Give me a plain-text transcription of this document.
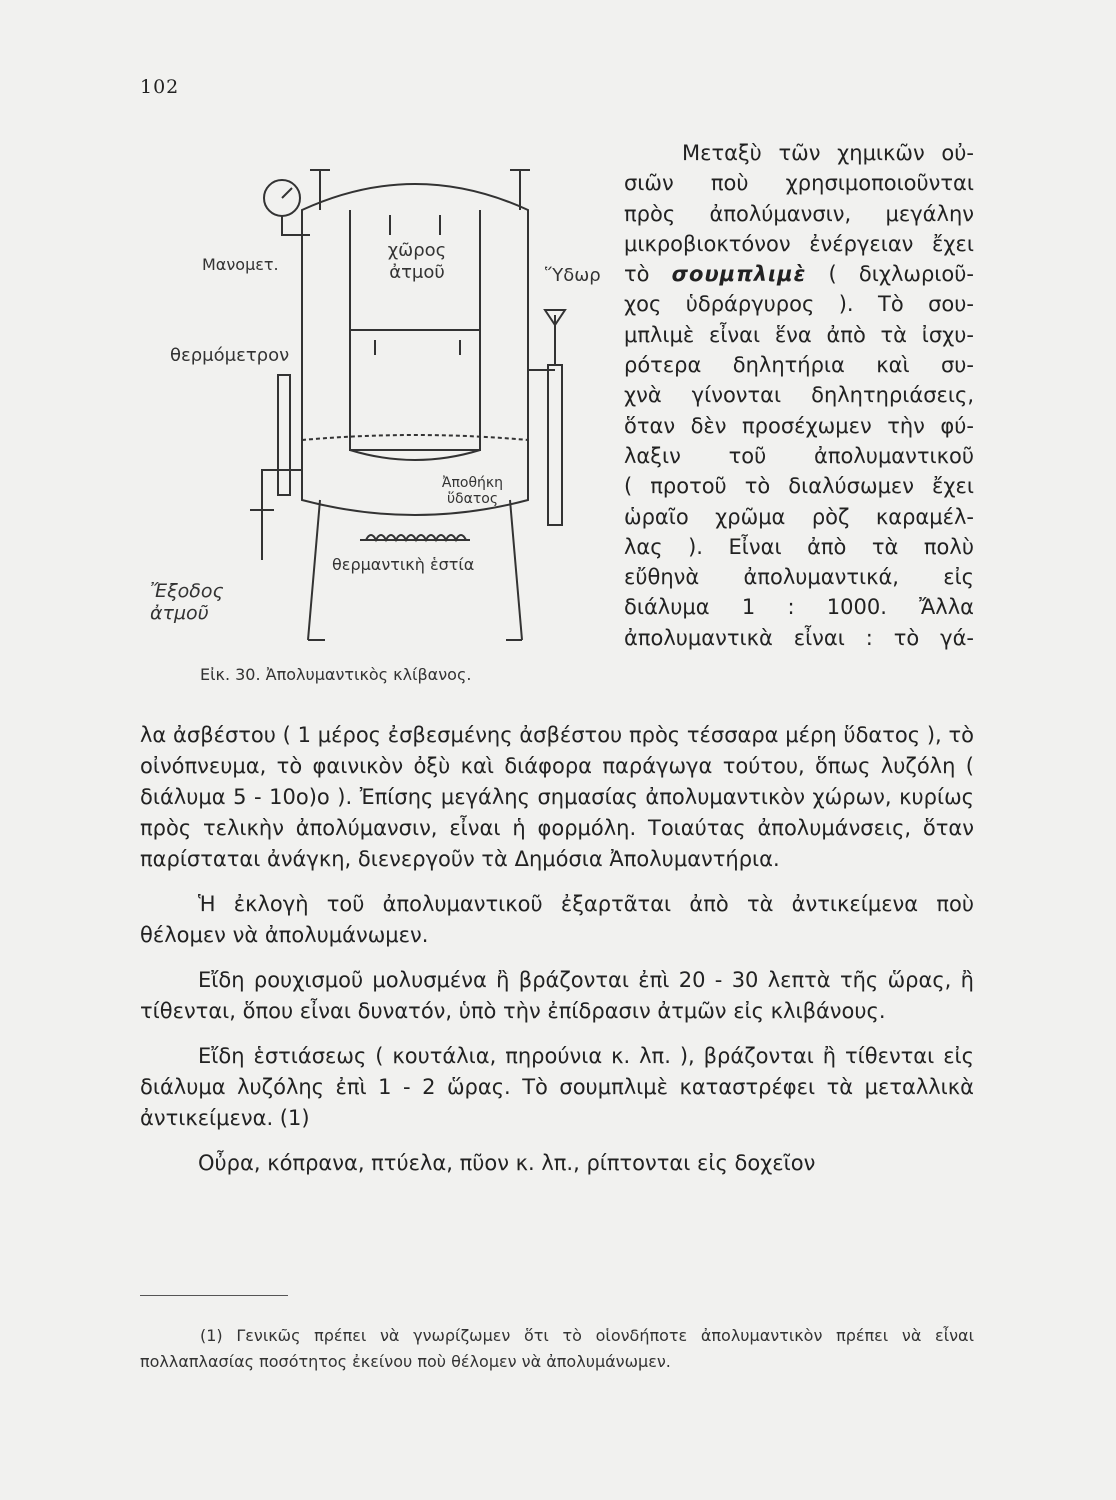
102
Μανομετ.
θερμόμετρον
χῶρος ἀτμοῦ	Ὕδωρ
Ἀποθήκη ὕδατος
θερμαντικὴ ἑστία
Ἔξοδος ἀτμοῦ
Εἰκ. 30. Ἀπολυμαντικὸς κλίβανος.
Μεταξὺ τῶν χημικῶν οὐ-
σιῶν ποὺ χρησιμοποιοῦνται
πρὸς ἀπολύμανσιν, μεγάλην
μικροβιοκτόνον ἐνέργειαν ἔχει
τὸ σουμπλιμὲ ( διχλωριοῦ-
χος ὑδράργυρος ). Τὸ σου-
μπλιμὲ εἶναι ἕνα ἀπὸ τὰ ἰσχυ-
ρότερα δηλητήρια καὶ συ-
χνὰ γίνονται δηλητηριάσεις,
ὅταν δὲν προσέχωμεν τὴν φύ-
λαξιν τοῦ ἀπολυμαντικοῦ
( προτοῦ τὸ διαλύσωμεν ἔχει
ὡραῖο χρῶμα ρὸζ καραμέλ-
λας ). Εἶναι ἀπὸ τὰ πολὺ
εὔθηνὰ ἀπολυμαντικά, εἰς
διάλυμα 1 : 1000. Ἄλλα
ἀπολυμαντικὰ εἶναι : τὸ γά-

λα ἀσβέστου ( 1 μέρος ἐσβεσμένης ἀσβέστου πρὸς τέσσαρα μέρη ὕδατος ), τὸ οἰνόπνευμα, τὸ φαινικὸν ὀξὺ καὶ διάφορα παράγωγα τούτου, ὅπως λυζόλη ( διάλυμα 5 - 10ο)ο ). Ἐπίσης μεγάλης σημασίας ἀπολυμαντικὸν χώρων, κυρίως πρὸς τελικὴν ἀπολύμανσιν, εἶναι ἡ φορμόλη. Τοιαύτας ἀπολυμάνσεις, ὅταν παρίσταται ἀνάγκη, διενεργοῦν τὰ Δημόσια Ἀπολυμαντήρια.

Ἡ ἐκλογὴ τοῦ ἀπολυμαντικοῦ ἐξαρτᾶται ἀπὸ τὰ ἀντικείμενα ποὺ θέλομεν νὰ ἀπολυμάνωμεν.

Εἴδη ρουχισμοῦ μολυσμένα ἢ βράζονται ἐπὶ 20 - 30 λεπτὰ τῆς ὥρας, ἢ τίθενται, ὅπου εἶναι δυνατόν, ὑπὸ τὴν ἐπίδρασιν ἀτμῶν εἰς κλιβάνους.

Εἴδη ἑστιάσεως ( κουτάλια, πηρούνια κ. λπ. ), βράζονται ἢ τίθενται εἰς διάλυμα λυζόλης ἐπὶ 1 - 2 ὥρας. Τὸ σουμπλιμὲ καταστρέφει τὰ μεταλλικὰ ἀντικείμενα. (1)

Οὖρα, κόπρανα, πτύελα, πῦον κ. λπ., ρίπτονται εἰς δοχεῖον

(1) Γενικῶς πρέπει νὰ γνωρίζωμεν ὅτι τὸ οἱονδήποτε ἀπολυμαντικὸν πρέπει νὰ εἶναι πολλαπλασίας ποσότητος ἐκείνου ποὺ θέλομεν νὰ ἀπολυμάνωμεν.
